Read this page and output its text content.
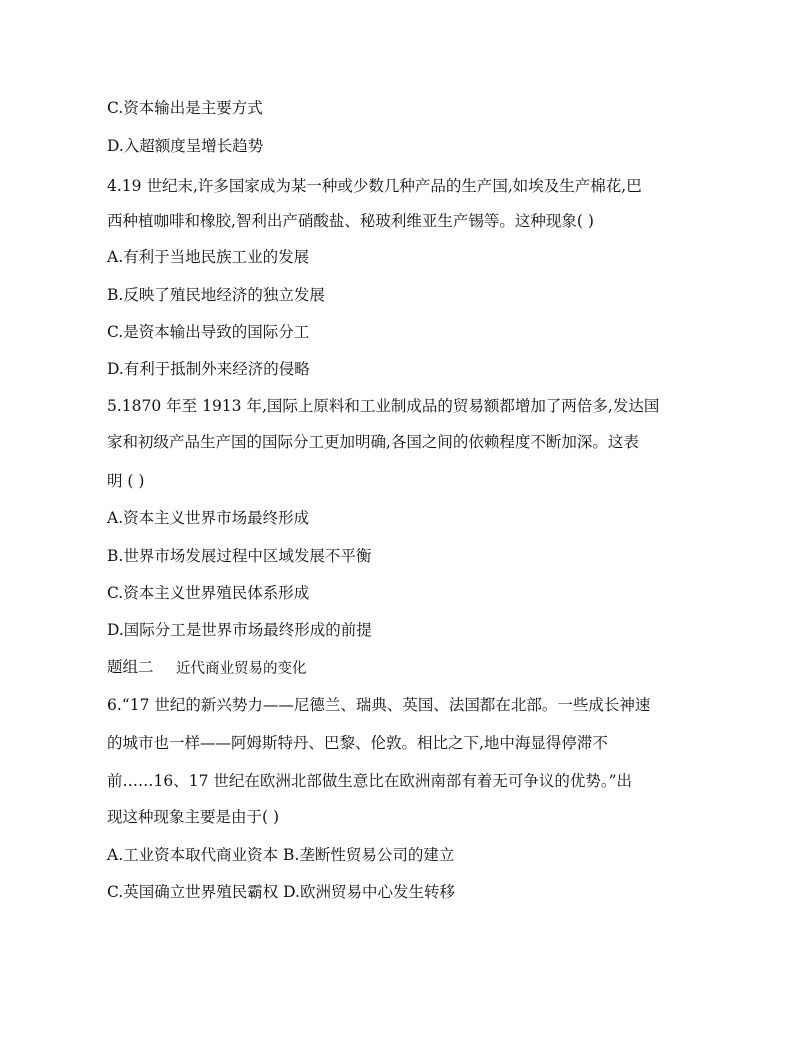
C.资本输出是主要方式
D.入超额度呈增长趋势
4.19 世纪末,许多国家成为某一种或少数几种产品的生产国,如埃及生产棉花,巴
西种植咖啡和橡胶,智利出产硝酸盐、秘玻利维亚生产锡等。这种现象( )
A.有利于当地民族工业的发展
B.反映了殖民地经济的独立发展
C.是资本输出导致的国际分工
D.有利于抵制外来经济的侵略
5.1870 年至 1913 年,国际上原料和工业制成品的贸易额都增加了两倍多,发达国
家和初级产品生产国的国际分工更加明确,各国之间的依赖程度不断加深。这表
明 ( )
A.资本主义世界市场最终形成
B.世界市场发展过程中区域发展不平衡
C.资本主义世界殖民体系形成
D.国际分工是世界市场最终形成的前提
题组二 近代商业贸易的变化
6.“17 世纪的新兴势力——尼德兰、瑞典、英国、法国都在北部。一些成长神速
的城市也一样——阿姆斯特丹、巴黎、伦敦。相比之下,地中海显得停滞不
前……16、17 世纪在欧洲北部做生意比在欧洲南部有着无可争议的优势。”出
现这种现象主要是由于( )
A.工业资本取代商业资本 B.垄断性贸易公司的建立
C.英国确立世界殖民霸权 D.欧洲贸易中心发生转移
